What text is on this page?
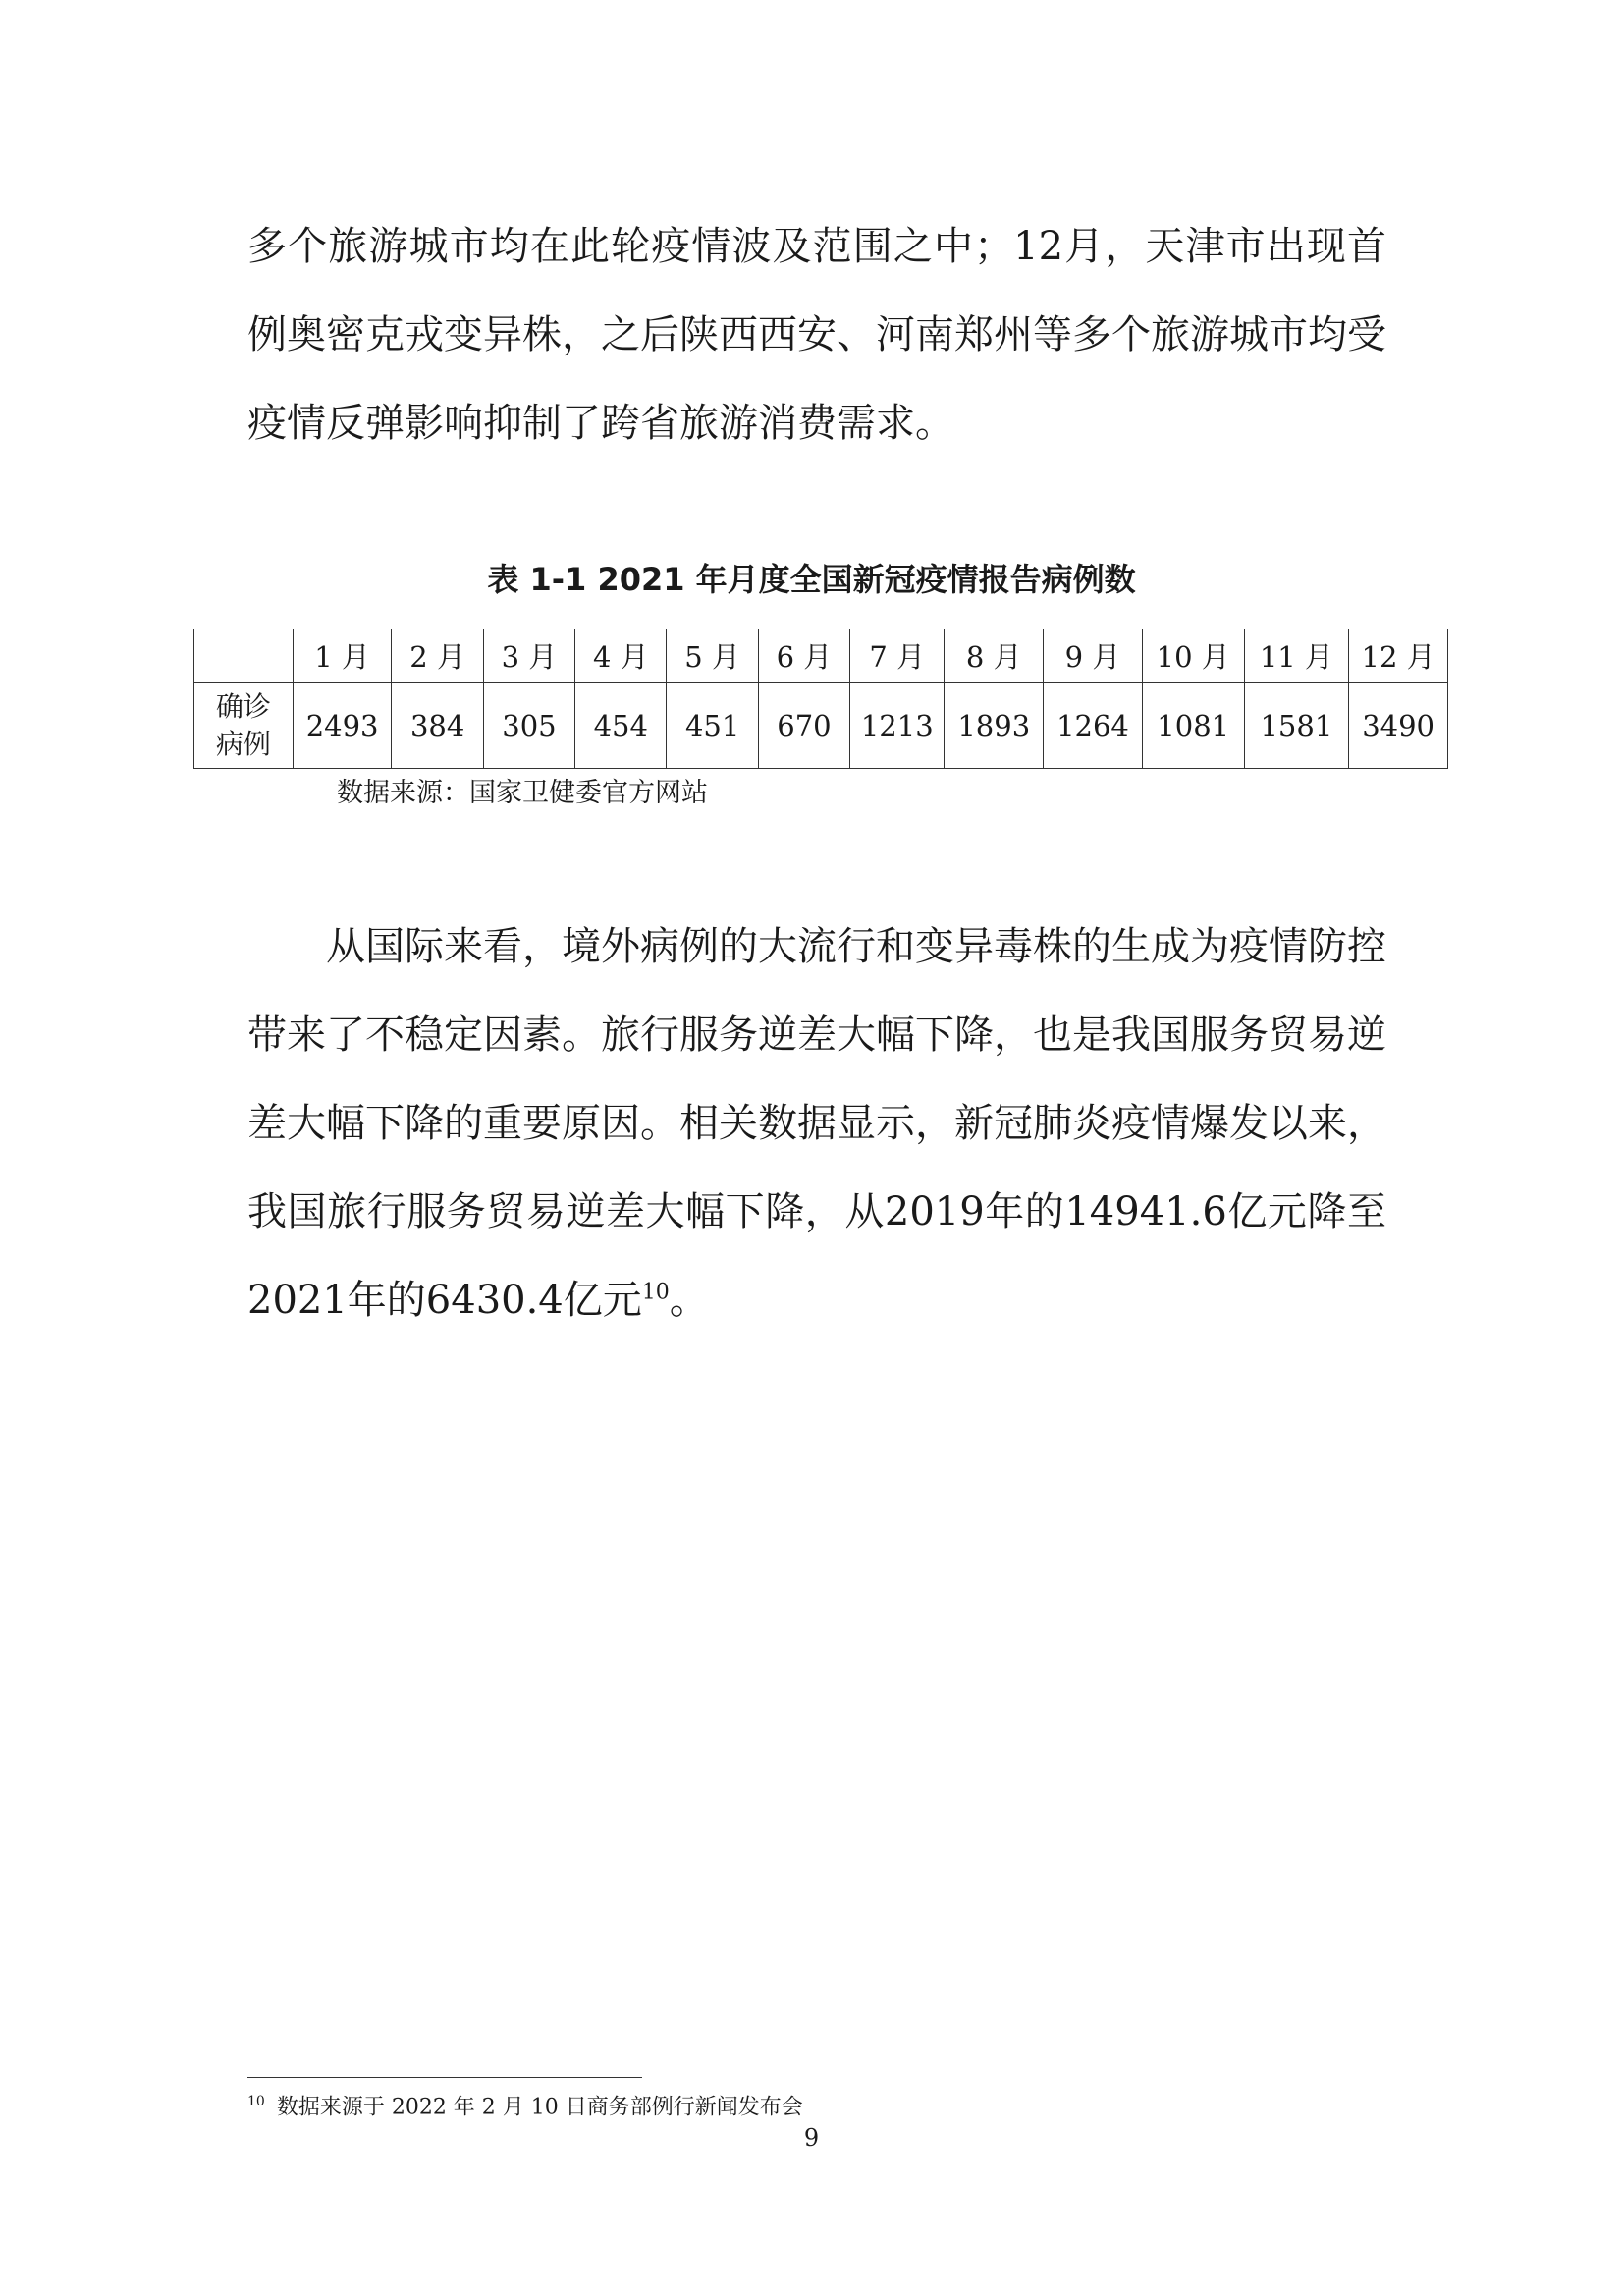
多个旅游城市均在此轮疫情波及范围之中；12月，天津市出现首例奥密克戎变异株，之后陕西西安、河南郑州等多个旅游城市均受疫情反弹影响抑制了跨省旅游消费需求。

表 1-1 2021 年月度全国新冠疫情报告病例数
	1 月	2 月	3 月	4 月	5 月	6 月	7 月	8 月	9 月	10 月	11 月	12 月
确诊
病例	2493	384	305	454	451	670	1213	1893	1264	1081	1581	3490
数据来源：国家卫健委官方网站

从国际来看，境外病例的大流行和变异毒株的生成为疫情防控带来了不稳定因素。旅行服务逆差大幅下降，也是我国服务贸易逆差大幅下降的重要原因。相关数据显示，新冠肺炎疫情爆发以来，我国旅行服务贸易逆差大幅下降，从2019年的14941.6亿元降至2021年的6430.4亿元$^{10}$。

$^{10}$ 数据来源于 2022 年 2 月 10 日商务部例行新闻发布会
9
